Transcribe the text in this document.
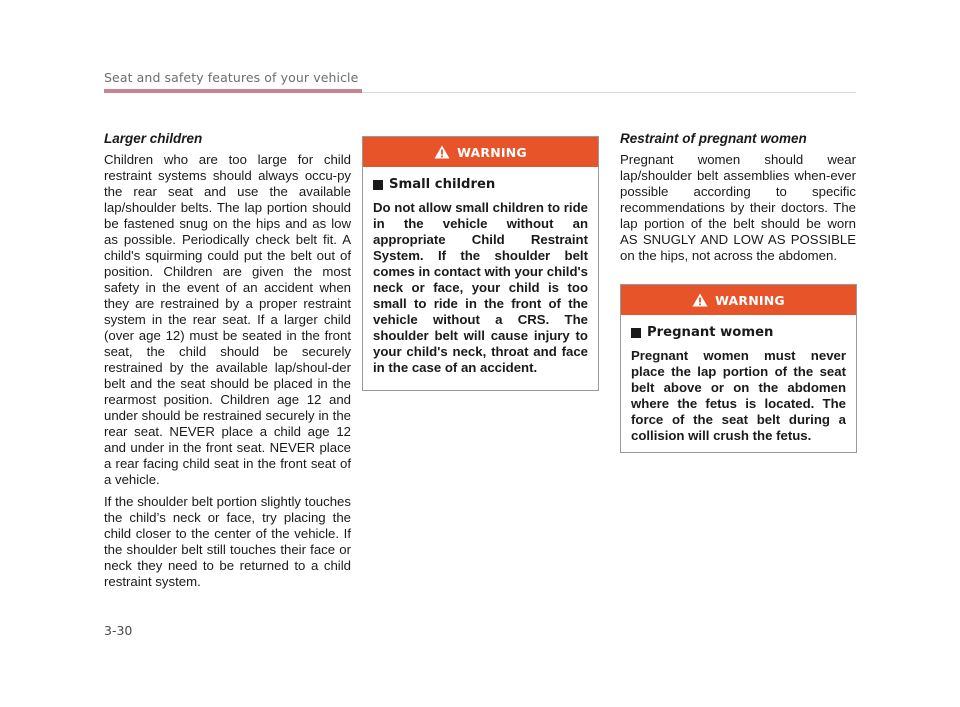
Seat and safety features of your vehicle
Larger children

Children who are too large for child restraint systems should always occu-py the rear seat and use the available lap/shoulder belts. The lap portion should be fastened snug on the hips and as low as possible. Periodically check belt fit. A child's squirming could put the belt out of position. Children are given the most safety in the event of an accident when they are restrained by a proper restraint system in the rear seat. If a larger child (over age 12) must be seated in the front seat, the child should be securely restrained by the available lap/shoul-der belt and the seat should be placed in the rearmost position. Children age 12 and under should be restrained securely in the rear seat. NEVER place a child age 12 and under in the front seat. NEVER place a rear facing child seat in the front seat of a vehicle.

If the shoulder belt portion slightly touches the child’s neck or face, try placing the child closer to the center of the vehicle. If the shoulder belt still touches their face or neck they need to be returned to a child restraint system.

WARNING
Small children

Do not allow small children to ride in the vehicle without an appropriate Child Restraint System. If the shoulder belt comes in contact with your child's neck or face, your child is too small to ride in the front of the vehicle without a CRS. The shoulder belt will cause injury to your child's neck, throat and face in the case of an accident.

Restraint of pregnant women

Pregnant women should wear lap/shoulder belt assemblies when-ever possible according to specific recommendations by their doctors. The lap portion of the belt should be worn AS SNUGLY AND LOW AS POSSIBLE on the hips, not across the abdomen.

WARNING
Pregnant women

Pregnant women must never place the lap portion of the seat belt above or on the abdomen where the fetus is located. The force of the seat belt during a collision will crush the fetus.

3-30
